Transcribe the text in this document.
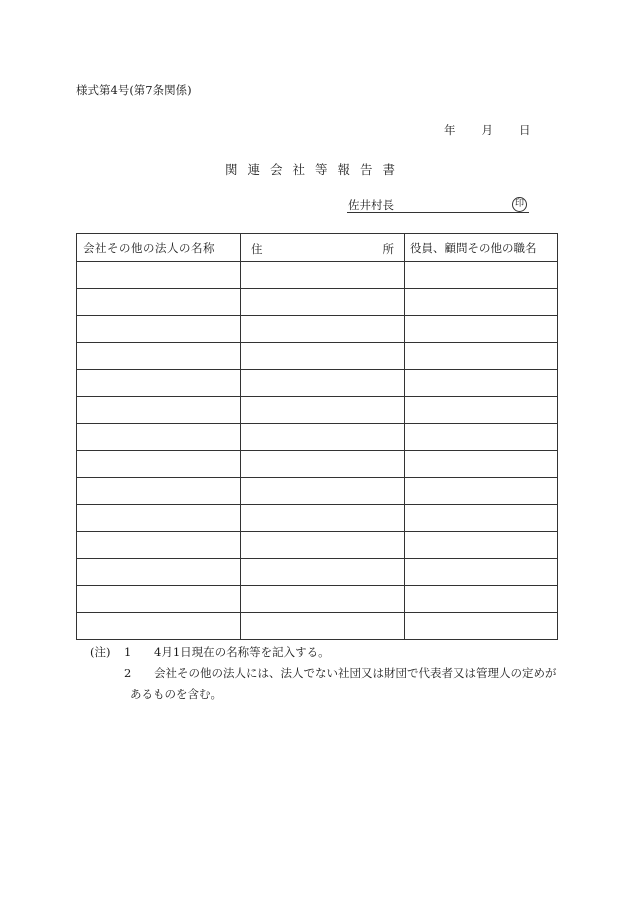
様式第4号(第7条関係)
年　　月　　日
関連会社等報告書
佐井村長	印
会社その他の法人の名称	住 所	役員、顧問その他の職名

(注) 1 4月1日現在の名称等を記入する。
2 会社その他の法人には、法人でない社団又は財団で代表者又は管理人の定めが
あるものを含む。
